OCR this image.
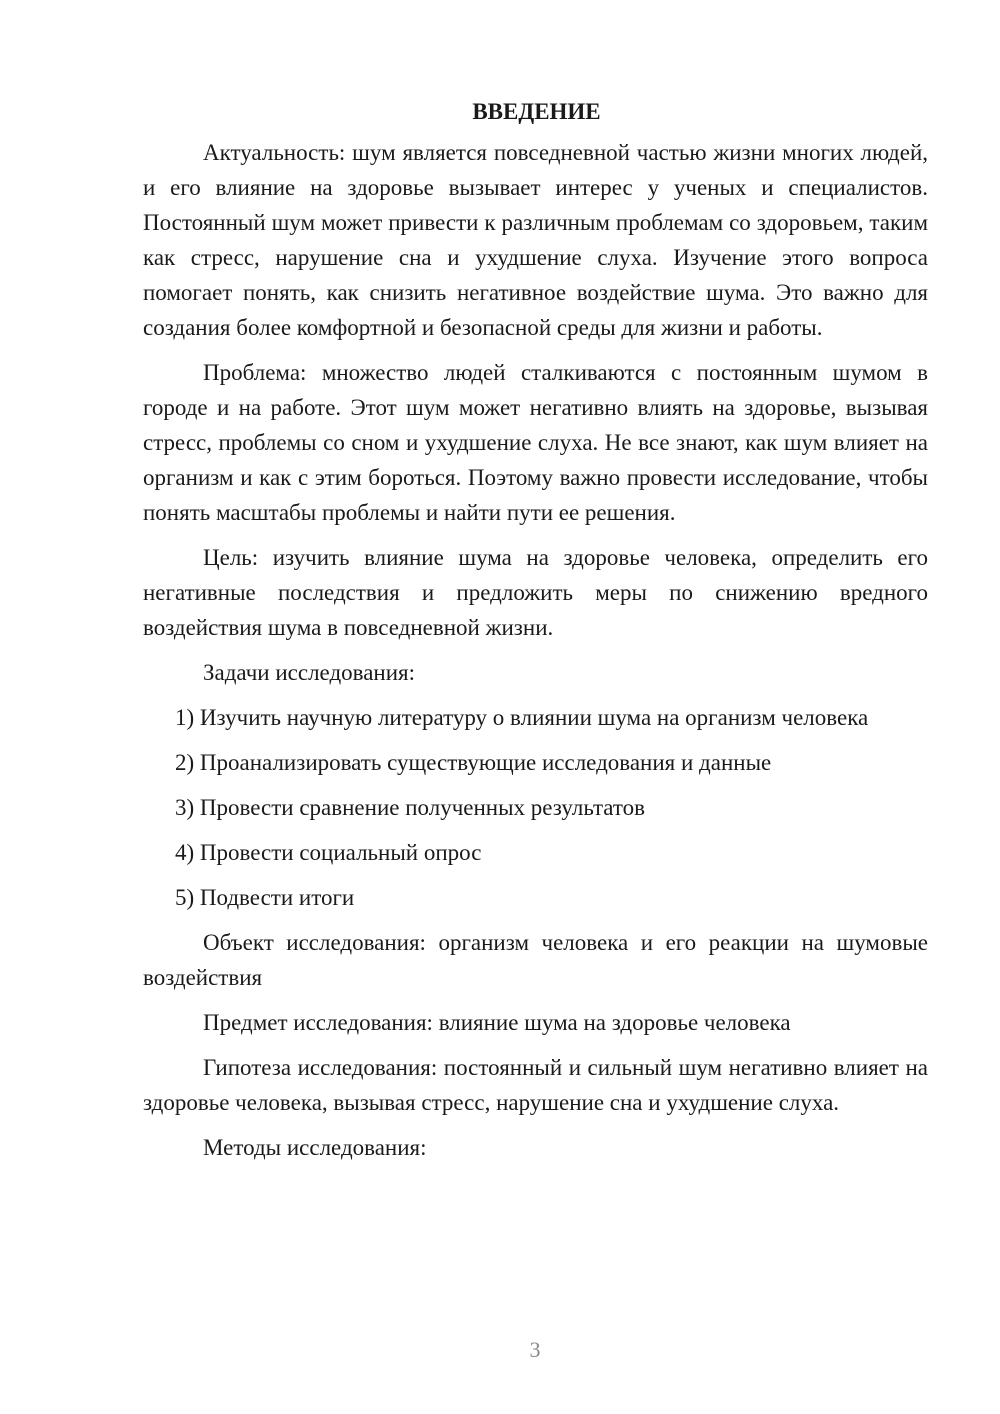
ВВЕДЕНИЕ

Актуальность: шум является повседневной частью жизни многих людей, и его влияние на здоровье вызывает интерес у ученых и специалистов. Постоянный шум может привести к различным проблемам со здоровьем, таким как стресс, нарушение сна и ухудшение слуха. Изучение этого вопроса помогает понять, как снизить негативное воздействие шума. Это важно для создания более комфортной и безопасной среды для жизни и работы.

Проблема: множество людей сталкиваются с постоянным шумом в городе и на работе. Этот шум может негативно влиять на здоровье, вызывая стресс, проблемы со сном и ухудшение слуха. Не все знают, как шум влияет на организм и как с этим бороться. Поэтому важно провести исследование, чтобы понять масштабы проблемы и найти пути ее решения.

Цель: изучить влияние шума на здоровье человека, определить его негативные последствия и предложить меры по снижению вредного воздействия шума в повседневной жизни.

Задачи исследования:

1) Изучить научную литературу о влиянии шума на организм человека
2) Проанализировать существующие исследования и данные
3) Провести сравнение полученных результатов
4) Провести социальный опрос
5) Подвести итоги

Объект исследования: организм человека и его реакции на шумовые воздействия

Предмет исследования: влияние шума на здоровье человека

Гипотеза исследования: постоянный и сильный шум негативно влияет на здоровье человека, вызывая стресс, нарушение сна и ухудшение слуха.

Методы исследования:

3
